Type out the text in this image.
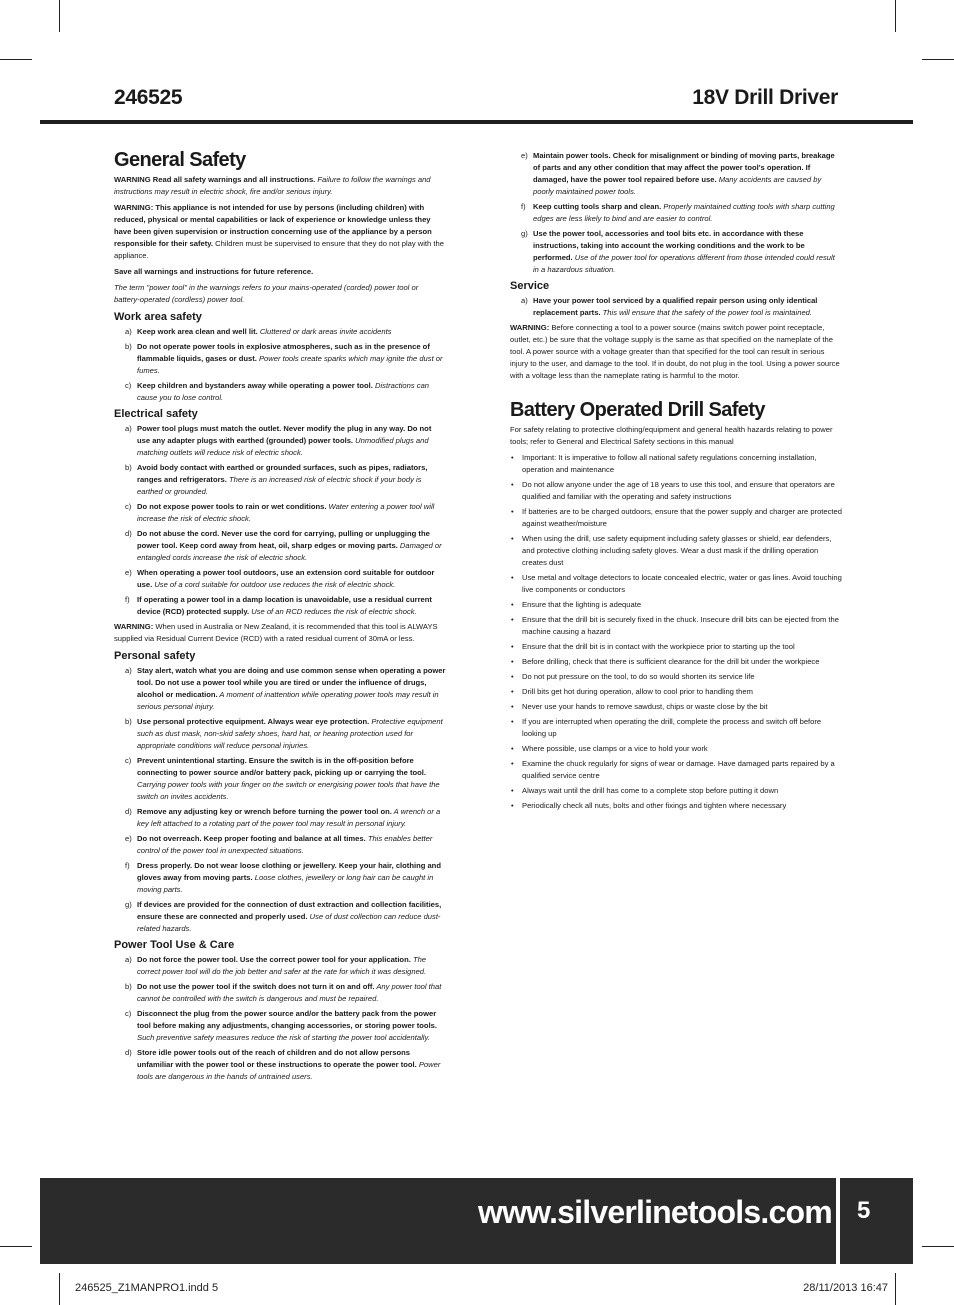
246525	18V Drill Driver
General Safety

WARNING Read all safety warnings and all instructions. Failure to follow the warnings and instructions may result in electric shock, fire and/or serious injury.

WARNING: This appliance is not intended for use by persons (including children) with reduced, physical or mental capabilities or lack of experience or knowledge unless they have been given supervision or instruction concerning use of the appliance by a person responsible for their safety. Children must be supervised to ensure that they do not play with the appliance.

Save all warnings and instructions for future reference.

The term "power tool" in the warnings refers to your mains-operated (corded) power tool or battery-operated (cordless) power tool.

Work area safety
a) Keep work area clean and well lit. Cluttered or dark areas invite accidents
b) Do not operate power tools in explosive atmospheres, such as in the presence of flammable liquids, gases or dust. Power tools create sparks which may ignite the dust or fumes.
c) Keep children and bystanders away while operating a power tool. Distractions can cause you to lose control.
Electrical safety
a) Power tool plugs must match the outlet. Never modify the plug in any way. Do not use any adapter plugs with earthed (grounded) power tools. Unmodified plugs and matching outlets will reduce risk of electric shock.
b) Avoid body contact with earthed or grounded surfaces, such as pipes, radiators, ranges and refrigerators. There is an increased risk of electric shock if your body is earthed or grounded.
c) Do not expose power tools to rain or wet conditions. Water entering a power tool will increase the risk of electric shock.
d) Do not abuse the cord. Never use the cord for carrying, pulling or unplugging the power tool. Keep cord away from heat, oil, sharp edges or moving parts. Damaged or entangled cords increase the risk of electric shock.
e) When operating a power tool outdoors, use an extension cord suitable for outdoor use. Use of a cord suitable for outdoor use reduces the risk of electric shock.
f) If operating a power tool in a damp location is unavoidable, use a residual current device (RCD) protected supply. Use of an RCD reduces the risk of electric shock.

WARNING: When used in Australia or New Zealand, it is recommended that this tool is ALWAYS supplied via Residual Current Device (RCD) with a rated residual current of 30mA or less.

Personal safety
a) Stay alert, watch what you are doing and use common sense when operating a power tool. Do not use a power tool while you are tired or under the influence of drugs, alcohol or medication. A moment of inattention while operating power tools may result in serious personal injury.
b) Use personal protective equipment. Always wear eye protection. Protective equipment such as dust mask, non-skid safety shoes, hard hat, or hearing protection used for appropriate conditions will reduce personal injuries.
c) Prevent unintentional starting. Ensure the switch is in the off-position before connecting to power source and/or battery pack, picking up or carrying the tool. Carrying power tools with your finger on the switch or energising power tools that have the switch on invites accidents.
d) Remove any adjusting key or wrench before turning the power tool on. A wrench or a key left attached to a rotating part of the power tool may result in personal injury.
e) Do not overreach. Keep proper footing and balance at all times. This enables better control of the power tool in unexpected situations.
f) Dress properly. Do not wear loose clothing or jewellery. Keep your hair, clothing and gloves away from moving parts. Loose clothes, jewellery or long hair can be caught in moving parts.
g) If devices are provided for the connection of dust extraction and collection facilities, ensure these are connected and properly used. Use of dust collection can reduce dust-related hazards.
Power Tool Use & Care
a) Do not force the power tool. Use the correct power tool for your application. The correct power tool will do the job better and safer at the rate for which it was designed.
b) Do not use the power tool if the switch does not turn it on and off. Any power tool that cannot be controlled with the switch is dangerous and must be repaired.
c) Disconnect the plug from the power source and/or the battery pack from the power tool before making any adjustments, changing accessories, or storing power tools. Such preventive safety measures reduce the risk of starting the power tool accidentally.
d) Store idle power tools out of the reach of children and do not allow persons unfamiliar with the power tool or these instructions to operate the power tool. Power tools are dangerous in the hands of untrained users.
e) Maintain power tools. Check for misalignment or binding of moving parts, breakage of parts and any other condition that may affect the power tool's operation. If damaged, have the power tool repaired before use. Many accidents are caused by poorly maintained power tools.
f) Keep cutting tools sharp and clean. Properly maintained cutting tools with sharp cutting edges are less likely to bind and are easier to control.
g) Use the power tool, accessories and tool bits etc. in accordance with these instructions, taking into account the working conditions and the work to be performed. Use of the power tool for operations different from those intended could result in a hazardous situation.
Service
a) Have your power tool serviced by a qualified repair person using only identical replacement parts. This will ensure that the safety of the power tool is maintained.

WARNING: Before connecting a tool to a power source (mains switch power point receptacle, outlet, etc.) be sure that the voltage supply is the same as that specified on the nameplate of the tool. A power source with a voltage greater than that specified for the tool can result in serious injury to the user, and damage to the tool. If in doubt, do not plug in the tool. Using a power source with a voltage less than the nameplate rating is harmful to the motor.

Battery Operated Drill Safety

For safety relating to protective clothing/equipment and general health hazards relating to power tools; refer to General and Electrical Safety sections in this manual

• Important: It is imperative to follow all national safety regulations concerning installation, operation and maintenance
• Do not allow anyone under the age of 18 years to use this tool, and ensure that operators are qualified and familiar with the operating and safety instructions
• If batteries are to be charged outdoors, ensure that the power supply and charger are protected against weather/moisture
• When using the drill, use safety equipment including safety glasses or shield, ear defenders, and protective clothing including safety gloves. Wear a dust mask if the drilling operation creates dust
• Use metal and voltage detectors to locate concealed electric, water or gas lines. Avoid touching live components or conductors
• Ensure that the lighting is adequate
• Ensure that the drill bit is securely fixed in the chuck. Insecure drill bits can be ejected from the machine causing a hazard
• Ensure that the drill bit is in contact with the workpiece prior to starting up the tool
• Before drilling, check that there is sufficient clearance for the drill bit under the workpiece
• Do not put pressure on the tool, to do so would shorten its service life
• Drill bits get hot during operation, allow to cool prior to handling them
• Never use your hands to remove sawdust, chips or waste close by the bit
• If you are interrupted when operating the drill, complete the process and switch off before looking up
• Where possible, use clamps or a vice to hold your work
• Examine the chuck regularly for signs of wear or damage. Have damaged parts repaired by a qualified service centre
• Always wait until the drill has come to a complete stop before putting it down
• Periodically check all nuts, bolts and other fixings and tighten where necessary
www.silverlinetools.com 5
246525_Z1MANPRO1.indd 5	28/11/2013 16:47
